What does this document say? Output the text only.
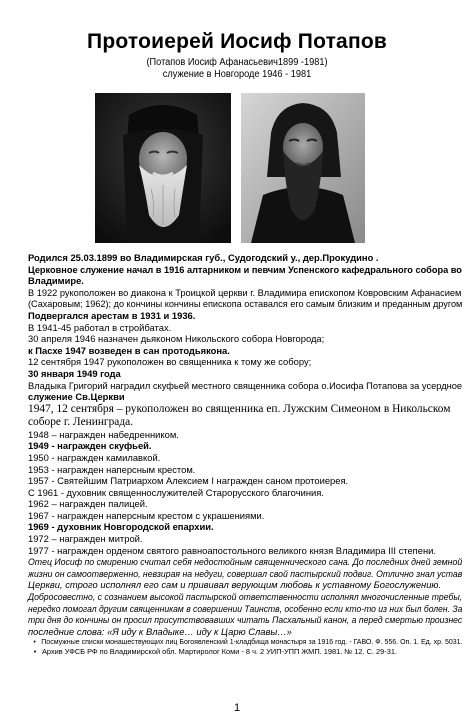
Протоиерей Иосиф Потапов
(Потапов Иосиф Афанасьевич1899 -1981)
служение в Новгороде 1946 - 1981
Родился 25.03.1899 во Владимирская губ., Судогодский у., дер.Прокудино .
Церковное служение начал в 1916 алтарником и певчим Успенского кафедрального собора во
Владимире.
В 1922 рукоположен во диакона к Троицкой церкви г. Владимира епископом Ковровским Афанасием
(Сахаровым; 1962); до кончины кончины епископа оставался его самым близким и преданным другом
Подвергался арестам в 1931 и 1936.
В 1941-45 работал в стройбатах.
30 апреля 1946 назначен дьяконом Никольского собора Новгорода;
к Пасхе 1947 возведен в сан протодьякона.
12 сентября 1947 рукоположен во священника к тому же собору;
30 января 1949 года
Владыка Григорий наградил скуфьей местного священника собора о.Иосифа Потапова за усердное
служение Св.Церкви
1947, 12 сентября – рукоположен во священника еп. Лужским Симеоном в Никольском
соборе г. Ленинграда.
1948 – награжден набедренником.
1949 - награжден скуфьей.
1950 - награжден камилавкой.
1953 - награжден наперсным крестом.
1957 - Святейшим Патриархом Алексием I награжден саном протоиерея.
С 1961 - духовник священнослужителей Старорусского благочиния.
1962 – награжден палицей.
1967 - награжден наперсным крестом с украшениями.
1969 - духовник Новгородской епархии.
1972 – награжден митрой.
1977 - награжден орденом святого равноапостольного великого князя Владимира III степени.
Отец Иосиф по смирению считал себя недостойным священнического сана. До последних дней земной
жизни он самоотверженно, невзирая на недуги, совершал свой пастырский подвиг. Отлично знал устав
Церкви, строго исполнял его сам и прививал верующим любовь к уставному Богослужению.
Добросовестно, с сознанием высокой пастырской ответственности исполнял многочисленные требы,
нередко помогал другим священникам в совершении Таинств, особенно если кто-то из них был болен. За
три дня до кончины он просил присутствовавших читать Пасхальный канон, а перед смертью произнес
последние слова: «Я иду к Владыке… иду к Царю Славы…»
• Посмужные списки монашествующих лиц Богоявленский 1-кладбища монастыря за 1916 год. - ГАВО. Ф. 556. Оп. 1. Ед. хр. 5031.
• Архив УФСБ РФ по Владимирской обл. Мартиролог Коми - 8 ч. 2 УИП-УПП ЖМП. 1981. № 12. С. 29-31.
1
